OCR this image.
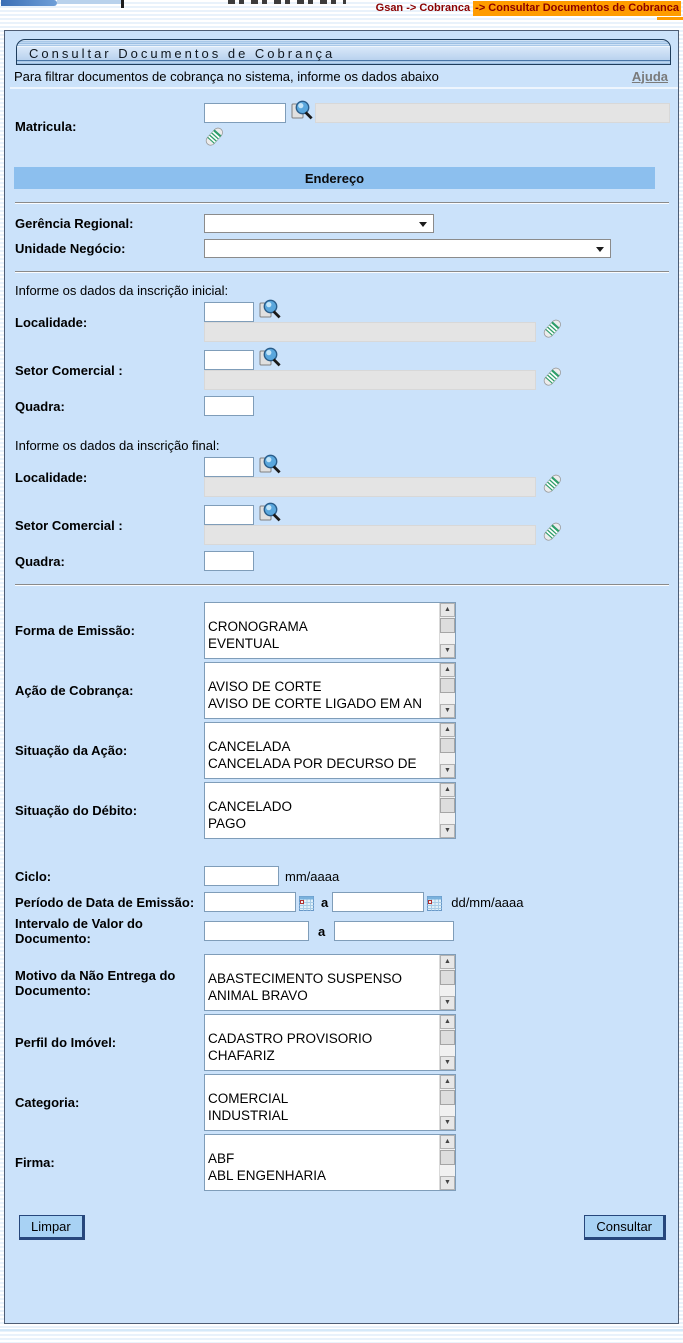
Gsan -> Cobranca -> Consultar Documentos de Cobranca
Consultar Documentos de Cobrança
Para filtrar documentos de cobrança no sistema, informe os dados abaixo	Ajuda
Matricula:
Endereço
Gerência Regional:
Unidade Negócio:
Informe os dados da inscrição inicial:
Localidade:
Setor Comercial :
Quadra:
Informe os dados da inscrição final:
Localidade:
Setor Comercial :
Quadra:
Forma de Emissão:	CRONOGRAMA
EVENTUAL
▲
▼
Ação de Cobrança:	AVISO DE CORTE
AVISO DE CORTE LIGADO EM AN
▲
▼
Situação da Ação:	CANCELADA
CANCELADA POR DECURSO DE
▲
▼
Situação do Débito:	CANCELADO
PAGO
▲
▼
Ciclo:	mm/aaaa
Período de Data de Emissão:	a	dd/mm/aaaa
Intervalo de Valor do Documento:	a
Motivo da Não Entrega do Documento:
ABASTECIMENTO SUSPENSO
ANIMAL BRAVO
▲
▼
Perfil do Imóvel:	CADASTRO PROVISORIO
CHAFARIZ
▲
▼
Categoria:	COMERCIAL
INDUSTRIAL
▲
▼
Firma:	ABF
ABL ENGENHARIA
▲
▼
Limpar	Consultar
